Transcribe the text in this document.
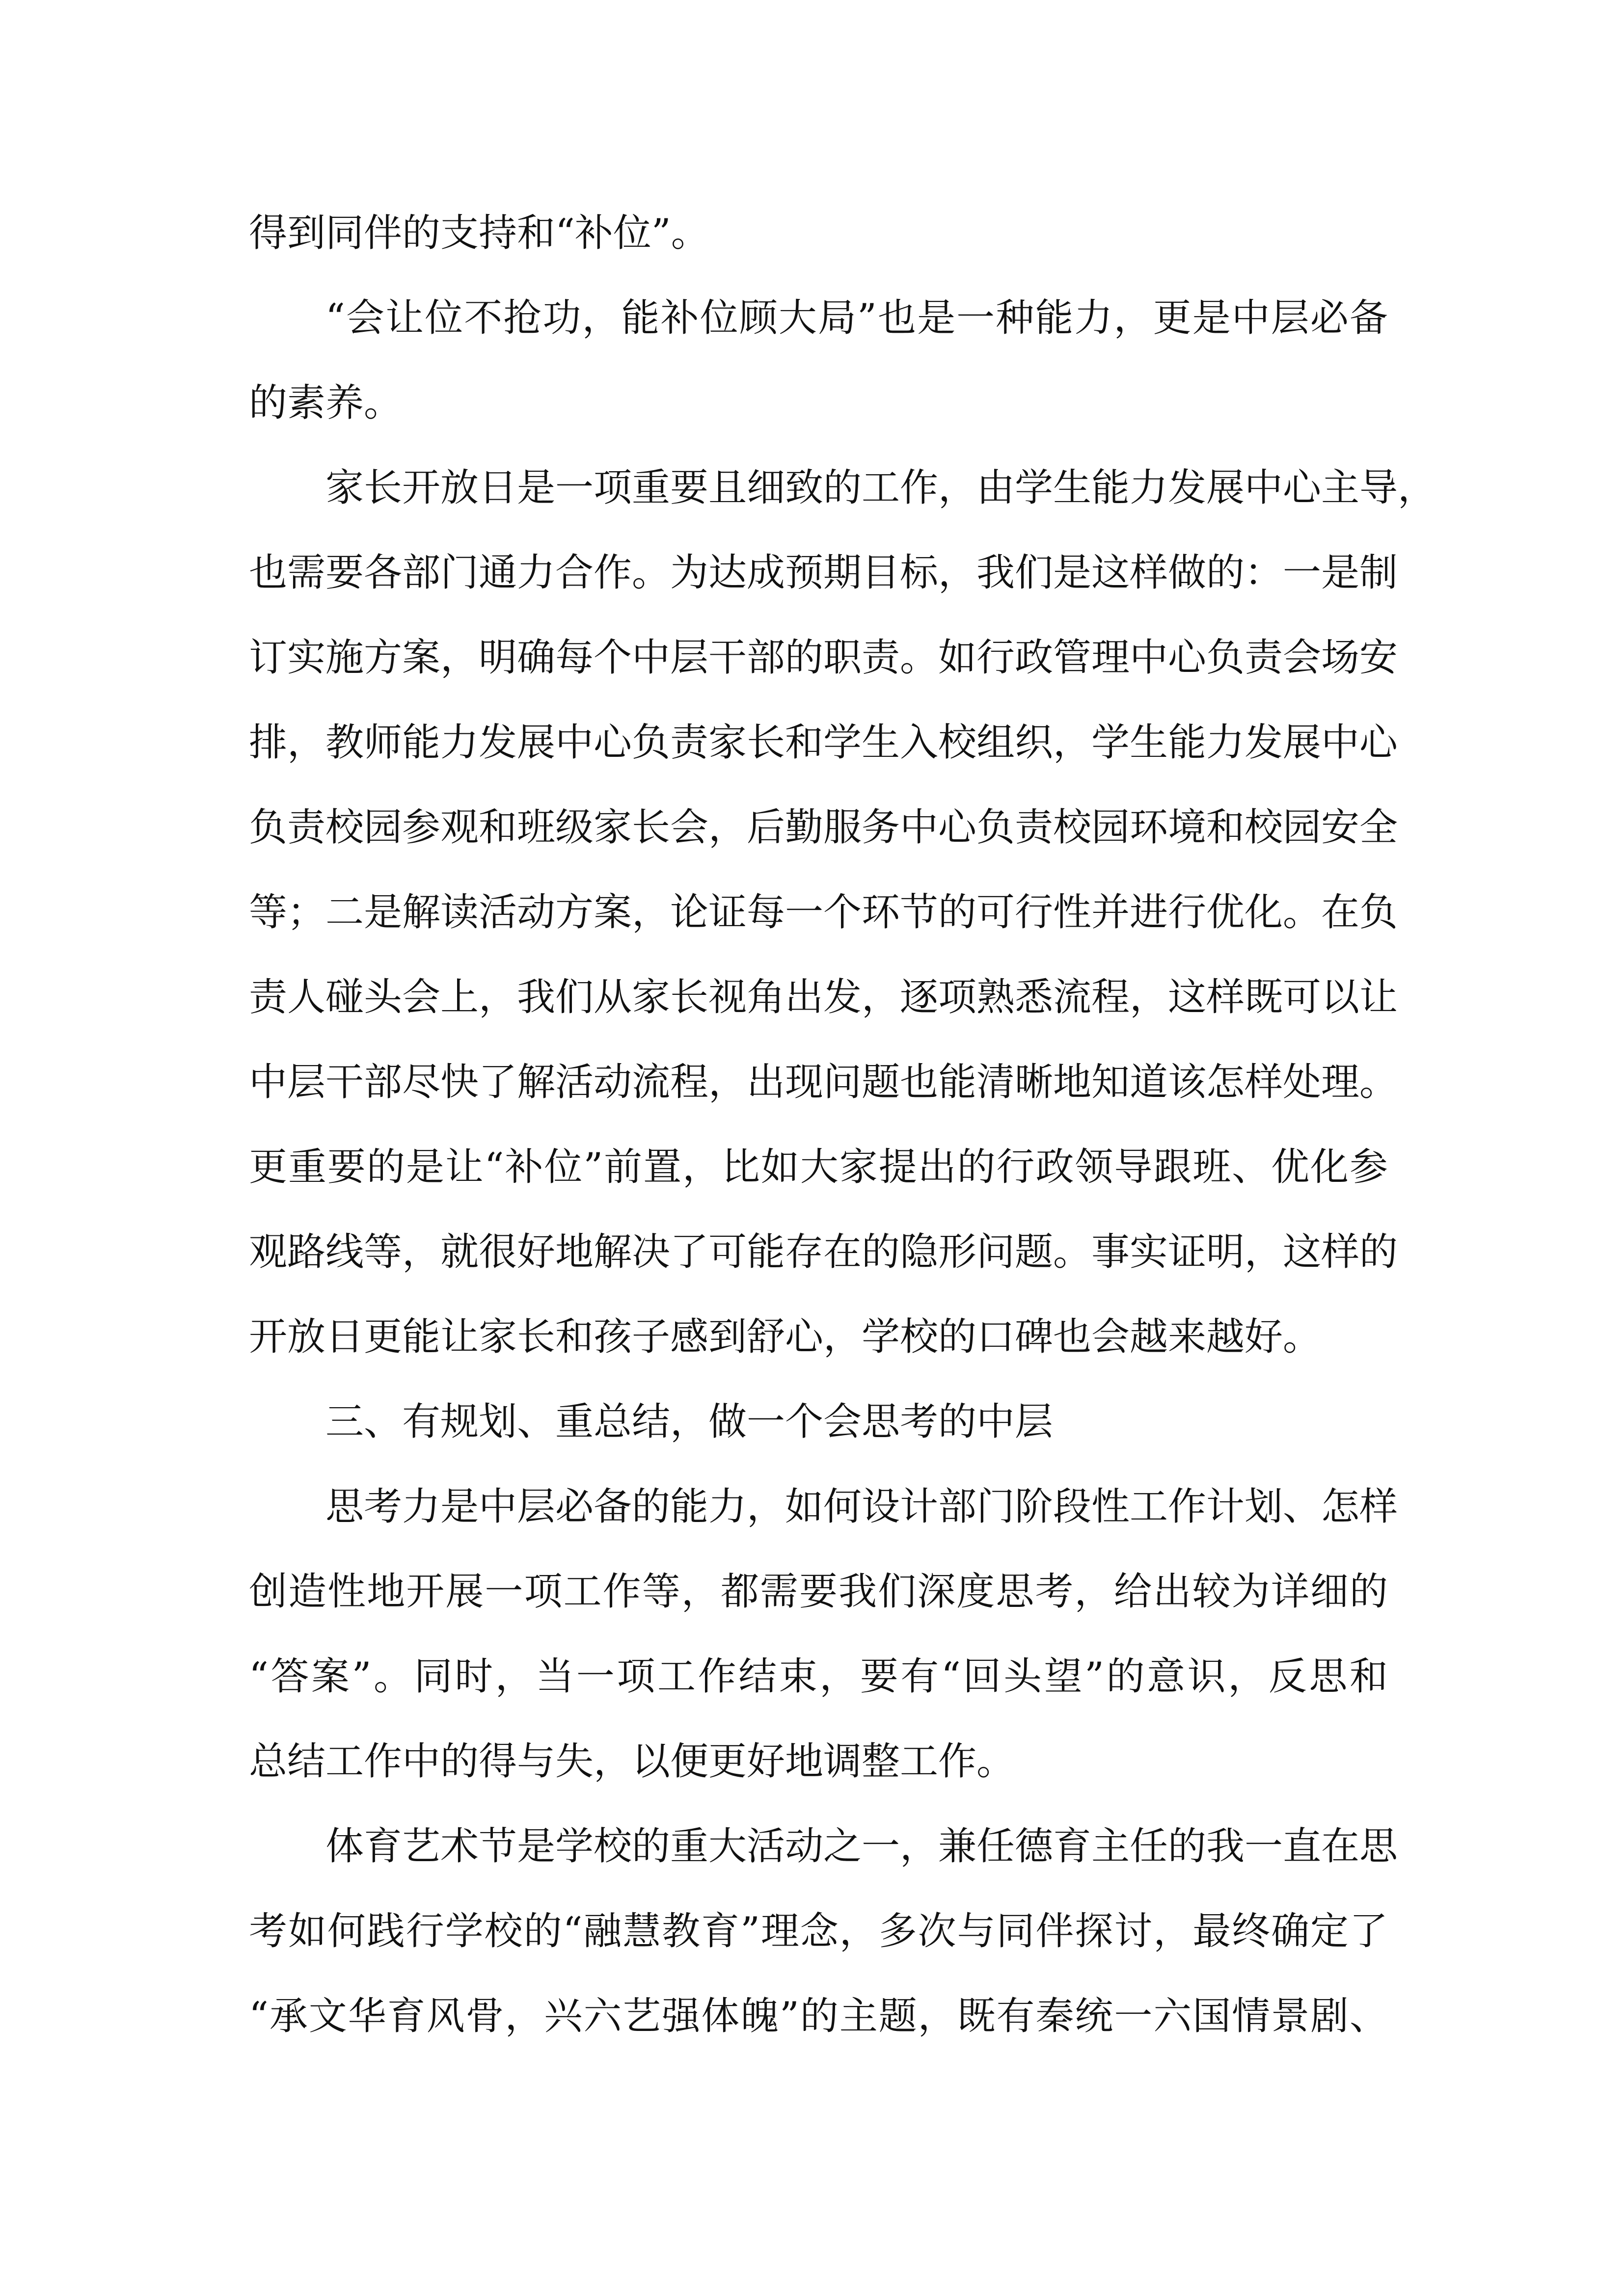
得到同伴的支持和“补位”。
“会让位不抢功，能补位顾大局”也是一种能力，更是中层必备
的素养。
家长开放日是一项重要且细致的工作，由学生能力发展中心主导，
也需要各部门通力合作。为达成预期目标，我们是这样做的：一是制
订实施方案，明确每个中层干部的职责。如行政管理中心负责会场安
排，教师能力发展中心负责家长和学生入校组织，学生能力发展中心
负责校园参观和班级家长会，后勤服务中心负责校园环境和校园安全
等；二是解读活动方案，论证每一个环节的可行性并进行优化。在负
责人碰头会上，我们从家长视角出发，逐项熟悉流程，这样既可以让
中层干部尽快了解活动流程，出现问题也能清晰地知道该怎样处理。
更重要的是让“补位”前置，比如大家提出的行政领导跟班、优化参
观路线等，就很好地解决了可能存在的隐形问题。事实证明，这样的
开放日更能让家长和孩子感到舒心，学校的口碑也会越来越好。
三、有规划、重总结，做一个会思考的中层
思考力是中层必备的能力，如何设计部门阶段性工作计划、怎样
创造性地开展一项工作等，都需要我们深度思考，给出较为详细的
“答案”。同时，当一项工作结束，要有“回头望”的意识，反思和
总结工作中的得与失，以便更好地调整工作。
体育艺术节是学校的重大活动之一，兼任德育主任的我一直在思
考如何践行学校的“融慧教育”理念，多次与同伴探讨，最终确定了
“承文华育风骨，兴六艺强体魄”的主题，既有秦统一六国情景剧、
